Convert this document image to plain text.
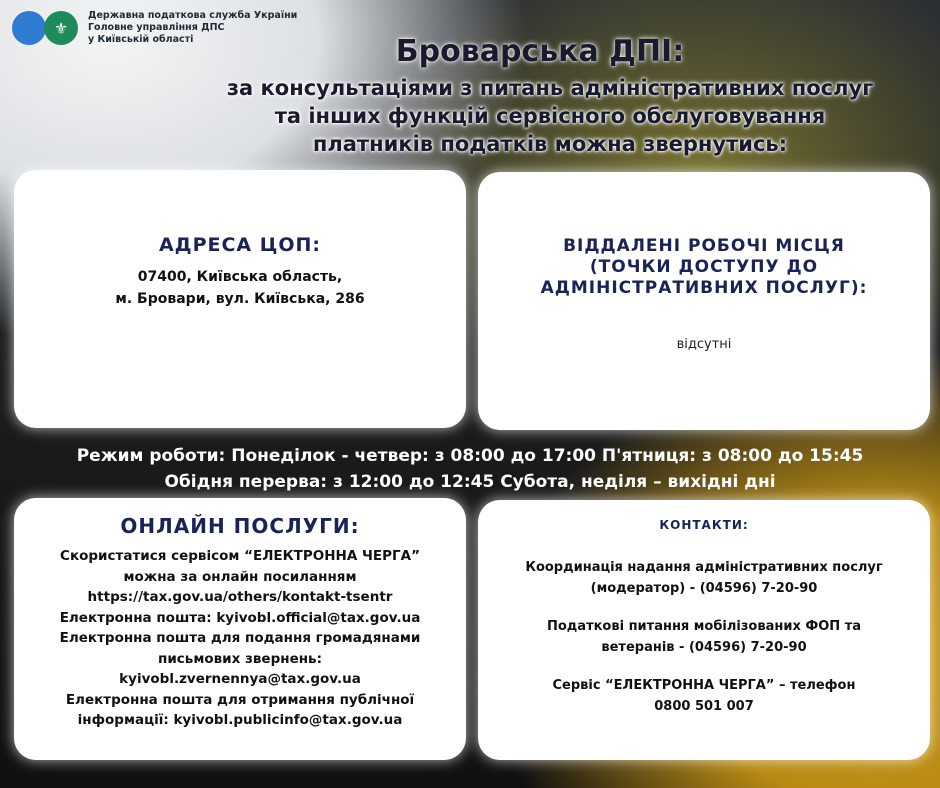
⚜
Державна податкова служба України
Головне управління ДПС
у Київській області	Броварська ДПІ:
за консультаціями з питань адміністративних послуг
та інших функцій сервісного обслуговування
платників податків можна звернутись:
АДРЕСА ЦОП:
07400, Київська область,
м. Бровари, вул. Київська, 286
ВІДДАЛЕНІ РОБОЧІ МІСЦЯ
(ТОЧКИ ДОСТУПУ ДО
АДМІНІСТРАТИВНИХ ПОСЛУГ):
відсутні
Режим роботи: Понеділок - четвер: з 08:00 до 17:00 П'ятниця: з 08:00 до 15:45
Обідня перерва: з 12:00 до 12:45 Субота, неділя – вихідні дні
ОНЛАЙН ПОСЛУГИ:
Скористатися сервісом “ЕЛЕКТРОННА ЧЕРГА”
можна за онлайн посиланням
https://tax.gov.ua/others/kontakt-tsentr
Електронна пошта: kyivobl.official@tax.gov.ua
Електронна пошта для подання громадянами
письмових звернень:
kyivobl.zvernennya@tax.gov.ua
Електронна пошта для отримання публічної
інформації: kyivobl.publicinfo@tax.gov.ua
КОНТАКТИ:

Координація надання адміністративних послуг
(модератор) - (04596) 7-20-90

Податкові питання мобілізованих ФОП та
ветеранів - (04596) 7-20-90

Сервіс “ЕЛЕКТРОННА ЧЕРГА” – телефон
0800 501 007
